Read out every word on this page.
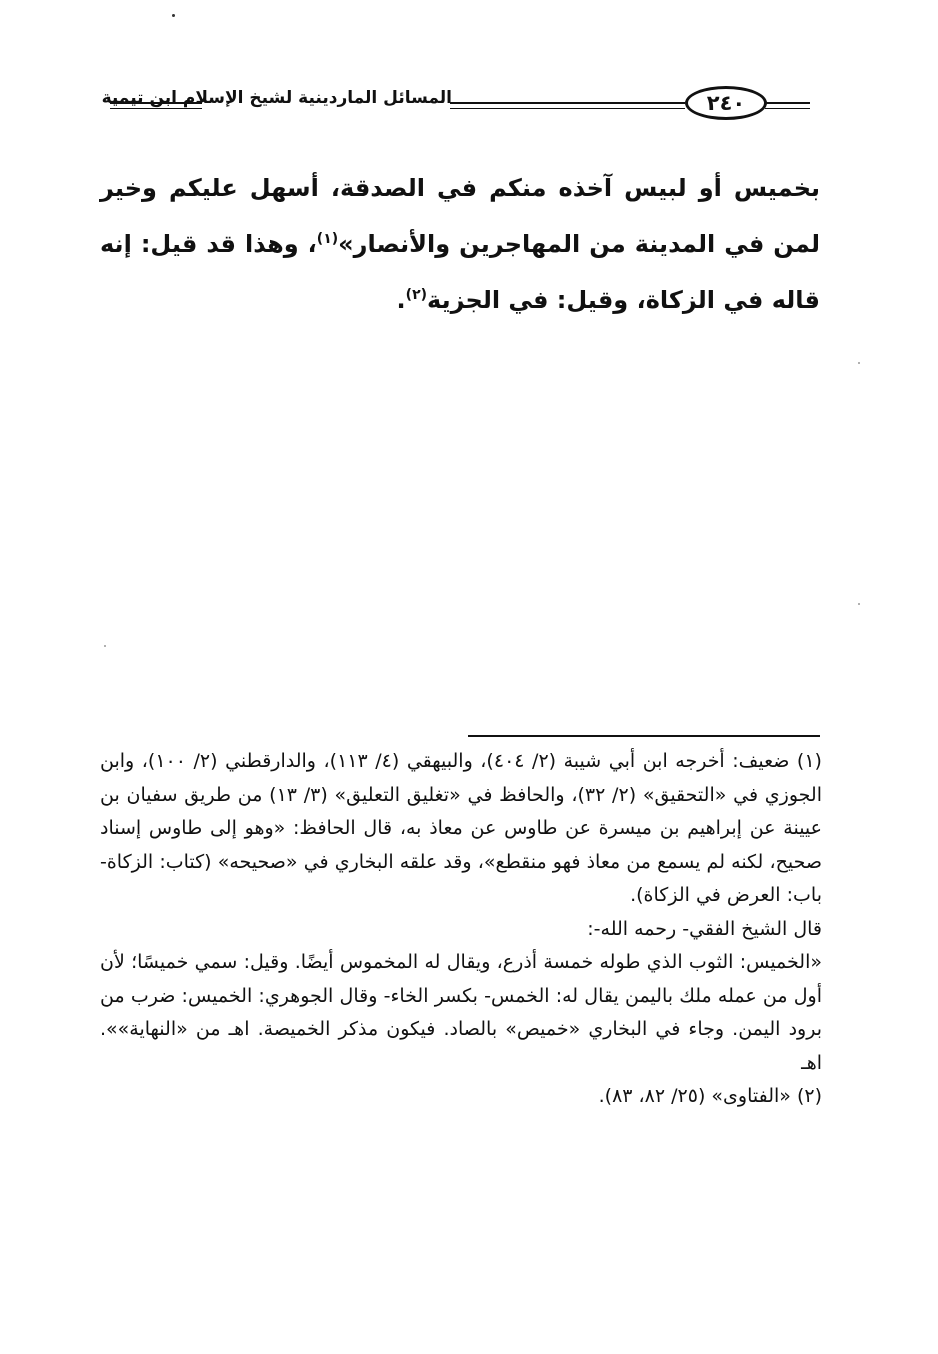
المسائل الماردينية لشيخ الإسلام ابن تيمية	٢٤٠

بخميس أو لبيس آخذه منكم في الصدقة، أسهل عليكم وخير لمن في المدينة من المهاجرين والأنصار»$^{(١)}$، وهذا قد قيل: إنه قاله في الزكاة، وقيل: في الجزية$^{(٢)}$.

(١) ضعيف: أخرجه ابن أبي شيبة (٢/ ٤٠٤)، والبيهقي (٤/ ١١٣)، والدارقطني (٢/ ١٠٠)، وابن الجوزي في «التحقيق» (٢/ ٣٢)، والحافظ في «تغليق التعليق» (٣/ ١٣) من طريق سفيان بن عيينة عن إبراهيم بن ميسرة عن طاوس عن معاذ به، قال الحافظ: «وهو إلى طاوس إسناد صحيح، لكنه لم يسمع من معاذ فهو منقطع»، وقد علقه البخاري في «صحيحه» (كتاب: الزكاة- باب: العرض في الزكاة).

قال الشيخ الفقي- رحمه الله-:

«الخميس: الثوب الذي طوله خمسة أذرع، ويقال له المخموس أيضًا. وقيل: سمي خميسًا؛ لأن أول من عمله ملك باليمن يقال له: الخمس- بكسر الخاء- وقال الجوهري: الخميس: ضرب من برود اليمن. وجاء في البخاري «خميص» بالصاد. فيكون مذكر الخميصة. اهـ من «النهاية»». اهـ

(٢) «الفتاوى» (٢٥/ ٨٢، ٨٣).
